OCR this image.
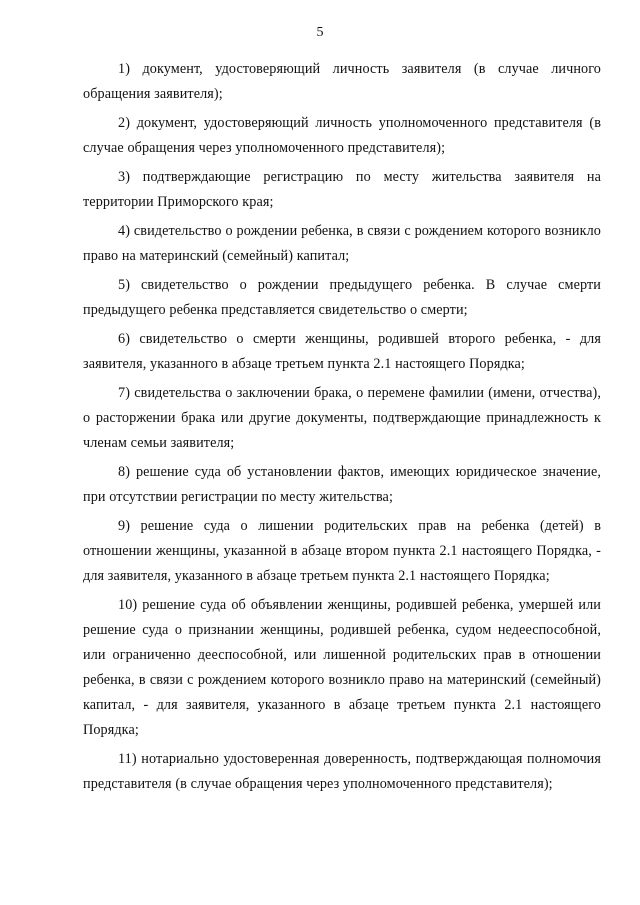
5

1) документ, удостоверяющий личность заявителя (в случае личного обращения заявителя);

2) документ, удостоверяющий личность уполномоченного представителя (в случае обращения через уполномоченного представителя);

3) подтверждающие регистрацию по месту жительства заявителя на территории Приморского края;

4) свидетельство о рождении ребенка, в связи с рождением которого возникло право на материнский (семейный) капитал;

5) свидетельство о рождении предыдущего ребенка. В случае смерти предыдущего ребенка представляется свидетельство о смерти;

6) свидетельство о смерти женщины, родившей второго ребенка, - для заявителя, указанного в абзаце третьем пункта 2.1 настоящего Порядка;

7) свидетельства о заключении брака, о перемене фамилии (имени, отчества), о расторжении брака или другие документы, подтверждающие принадлежность к членам семьи заявителя;

8) решение суда об установлении фактов, имеющих юридическое значение, при отсутствии регистрации по месту жительства;

9) решение суда о лишении родительских прав на ребенка (детей) в отношении женщины, указанной в абзаце втором пункта 2.1 настоящего Порядка, - для заявителя, указанного в абзаце третьем пункта 2.1 настоящего Порядка;

10) решение суда об объявлении женщины, родившей ребенка, умершей или решение суда о признании женщины, родившей ребенка, судом недееспособной, или ограниченно дееспособной, или лишенной родительских прав в отношении ребенка, в связи с рождением которого возникло право на материнский (семейный) капитал, - для заявителя, указанного в абзаце третьем пункта 2.1 настоящего Порядка;

11) нотариально удостоверенная доверенность, подтверждающая полномочия представителя (в случае обращения через уполномоченного представителя);
